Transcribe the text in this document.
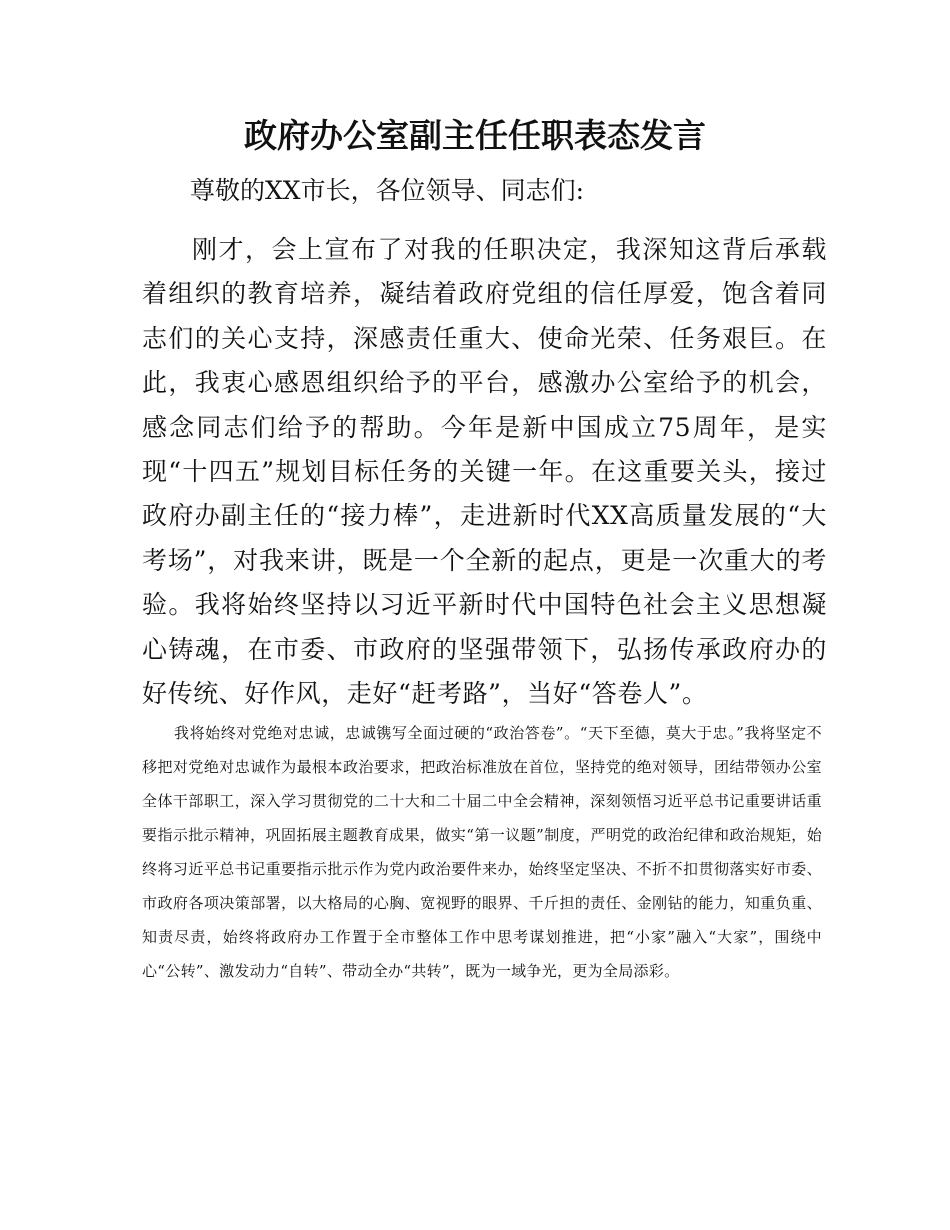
政府办公室副主任任职表态发言

尊敬的XX市长，各位领导、同志们:

刚才，会上宣布了对我的任职决定，我深知这背后承载着组织的教育培养，凝结着政府党组的信任厚爱，饱含着同志们的关心支持，深感责任重大、使命光荣、任务艰巨。在此，我衷心感恩组织给予的平台，感激办公室给予的机会，感念同志们给予的帮助。今年是新中国成立75周年，是实现“十四五”规划目标任务的关键一年。在这重要关头，接过政府办副主任的“接力棒”，走进新时代XX高质量发展的“大考场”，对我来讲，既是一个全新的起点，更是一次重大的考验。我将始终坚持以习近平新时代中国特色社会主义思想凝心铸魂，在市委、市政府的坚强带领下，弘扬传承政府办的好传统、好作风，走好“赶考路”，当好“答卷人”。

我将始终对党绝对忠诚，忠诚镌写全面过硬的“政治答卷”。“天下至德，莫大于忠。”我将坚定不移把对党绝对忠诚作为最根本政治要求，把政治标准放在首位，坚持党的绝对领导，团结带领办公室全体干部职工，深入学习贯彻党的二十大和二十届二中全会精神，深刻领悟习近平总书记重要讲话重要指示批示精神，巩固拓展主题教育成果，做实“第一议题”制度，严明党的政治纪律和政治规矩，始终将习近平总书记重要指示批示作为党内政治要件来办，始终坚定坚决、不折不扣贯彻落实好市委、市政府各项决策部署，以大格局的心胸、宽视野的眼界、千斤担的责任、金刚钻的能力，知重负重、知责尽责，始终将政府办工作置于全市整体工作中思考谋划推进，把“小家”融入“大家”，围绕中心“公转”、激发动力“自转”、带动全办“共转”，既为一域争光，更为全局添彩。
